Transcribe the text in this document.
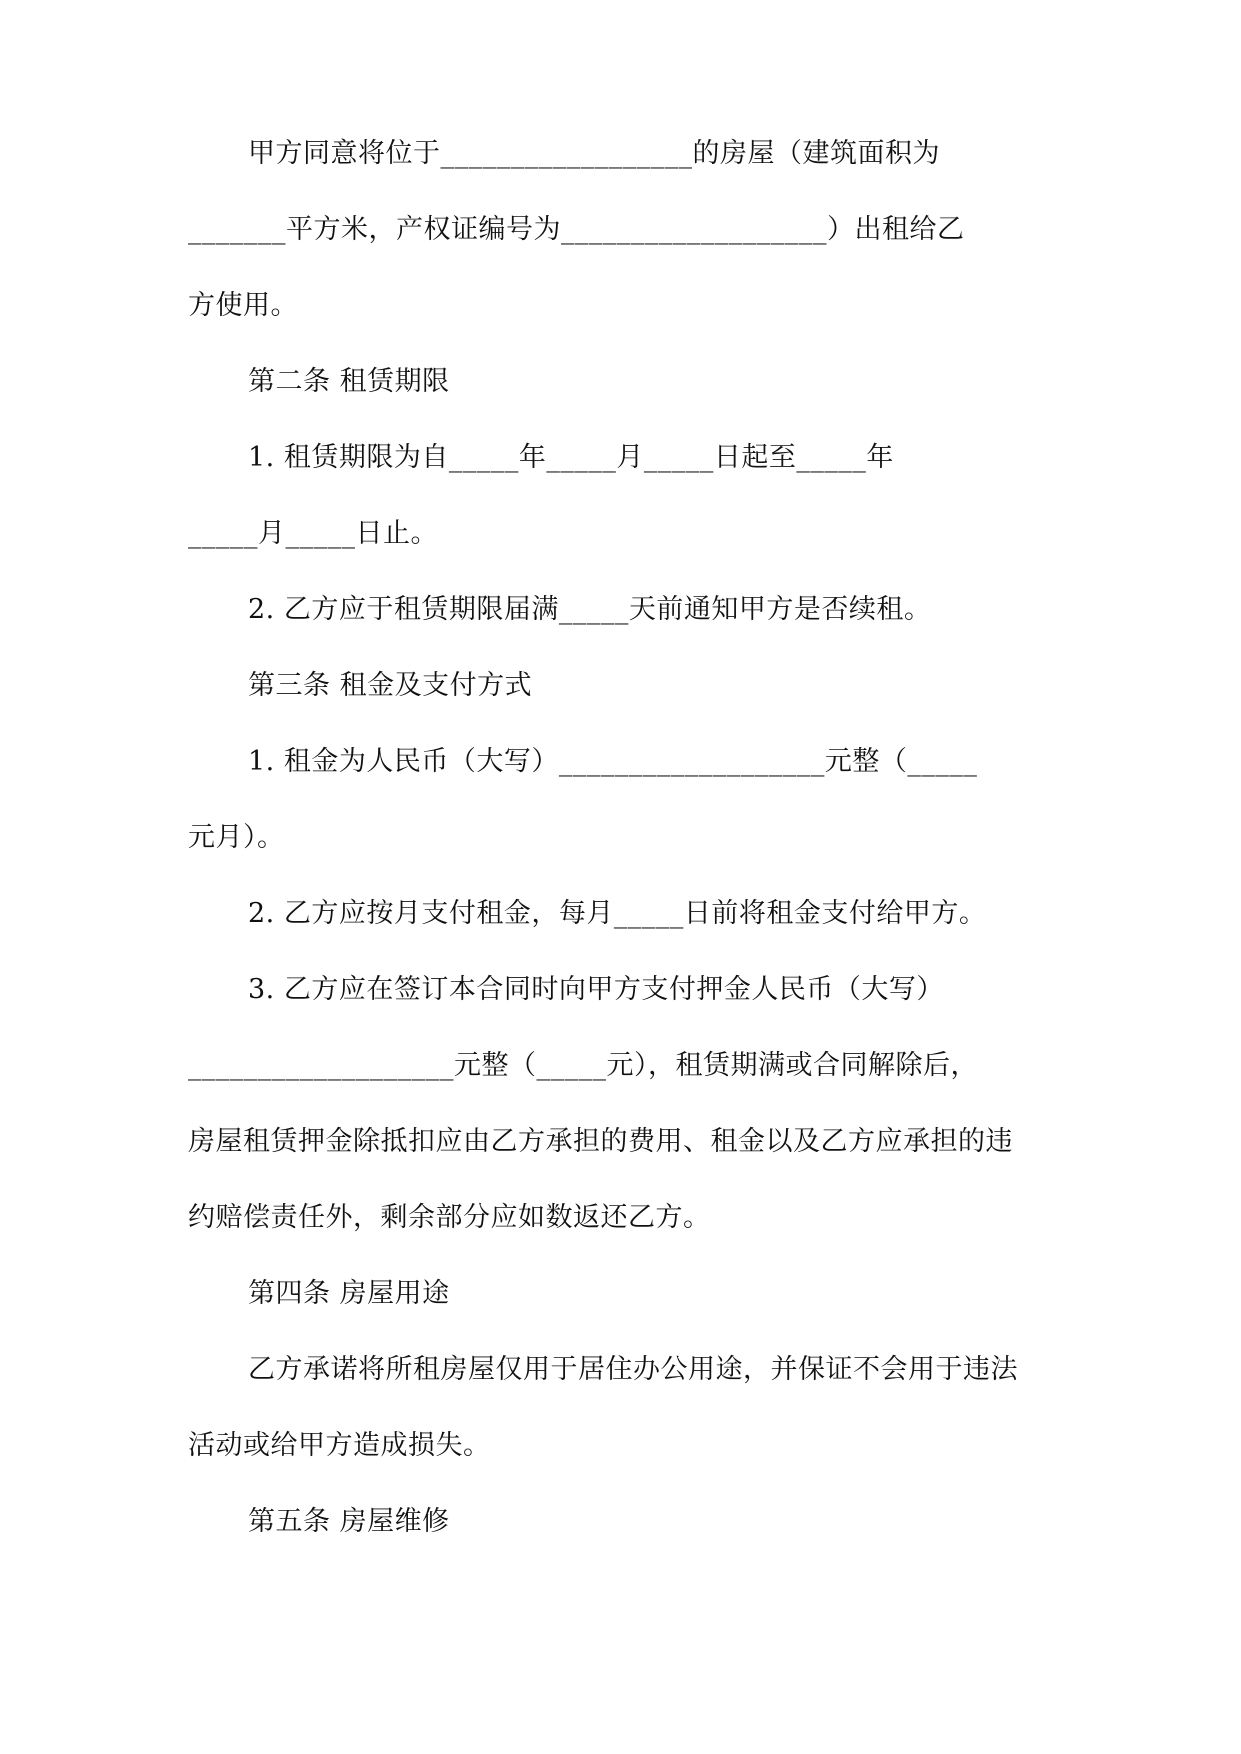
甲方同意将位于__________________的房屋（建筑面积为
_______平方米，产权证编号为___________________）出租给乙
方使用。
第二条 租赁期限
1. 租赁期限为自_____年_____月_____日起至_____年
_____月_____日止。
2. 乙方应于租赁期限届满_____天前通知甲方是否续租。
第三条 租金及支付方式
1. 租金为人民币（大写）___________________元整（_____
元月）。
2. 乙方应按月支付租金，每月_____日前将租金支付给甲方。
3. 乙方应在签订本合同时向甲方支付押金人民币（大写）
___________________元整（_____元），租赁期满或合同解除后，
房屋租赁押金除抵扣应由乙方承担的费用、租金以及乙方应承担的违
约赔偿责任外，剩余部分应如数返还乙方。
第四条 房屋用途
乙方承诺将所租房屋仅用于居住办公用途，并保证不会用于违法
活动或给甲方造成损失。
第五条 房屋维修
